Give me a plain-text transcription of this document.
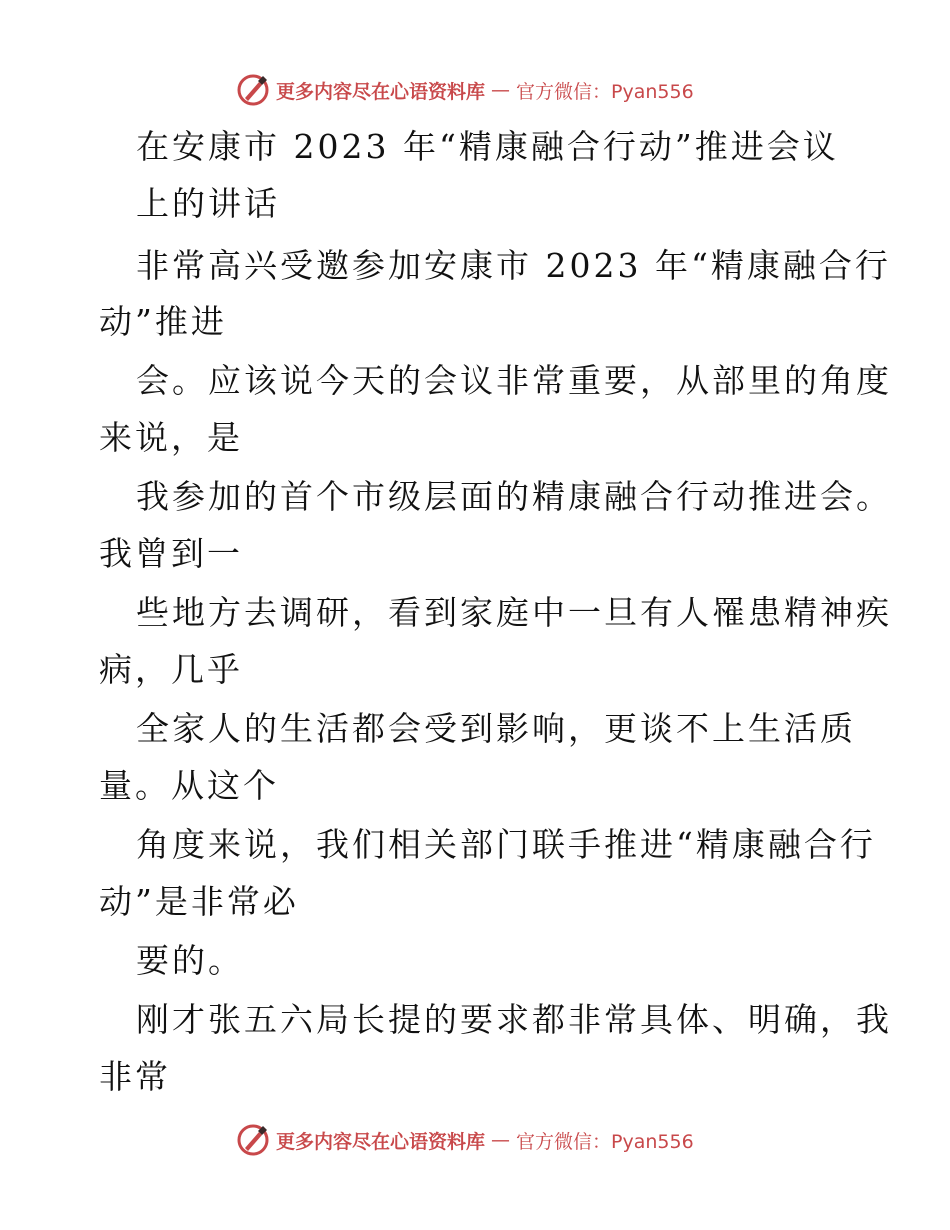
更多内容尽在心语资料库 — 官方微信：Pyan556
在安康市 2023 年“精康融合行动”推进会议
上的讲话
非常高兴受邀参加安康市 2023 年“精康融合行
动”推进
会。应该说今天的会议非常重要，从部里的角度
来说，是
我参加的首个市级层面的精康融合行动推进会。
我曾到一
些地方去调研，看到家庭中一旦有人罹患精神疾
病，几乎
全家人的生活都会受到影响，更谈不上生活质
量。从这个
角度来说，我们相关部门联手推进“精康融合行
动”是非常必
要的。
刚才张五六局长提的要求都非常具体、明确，我
非常
更多内容尽在心语资料库 — 官方微信：Pyan556
